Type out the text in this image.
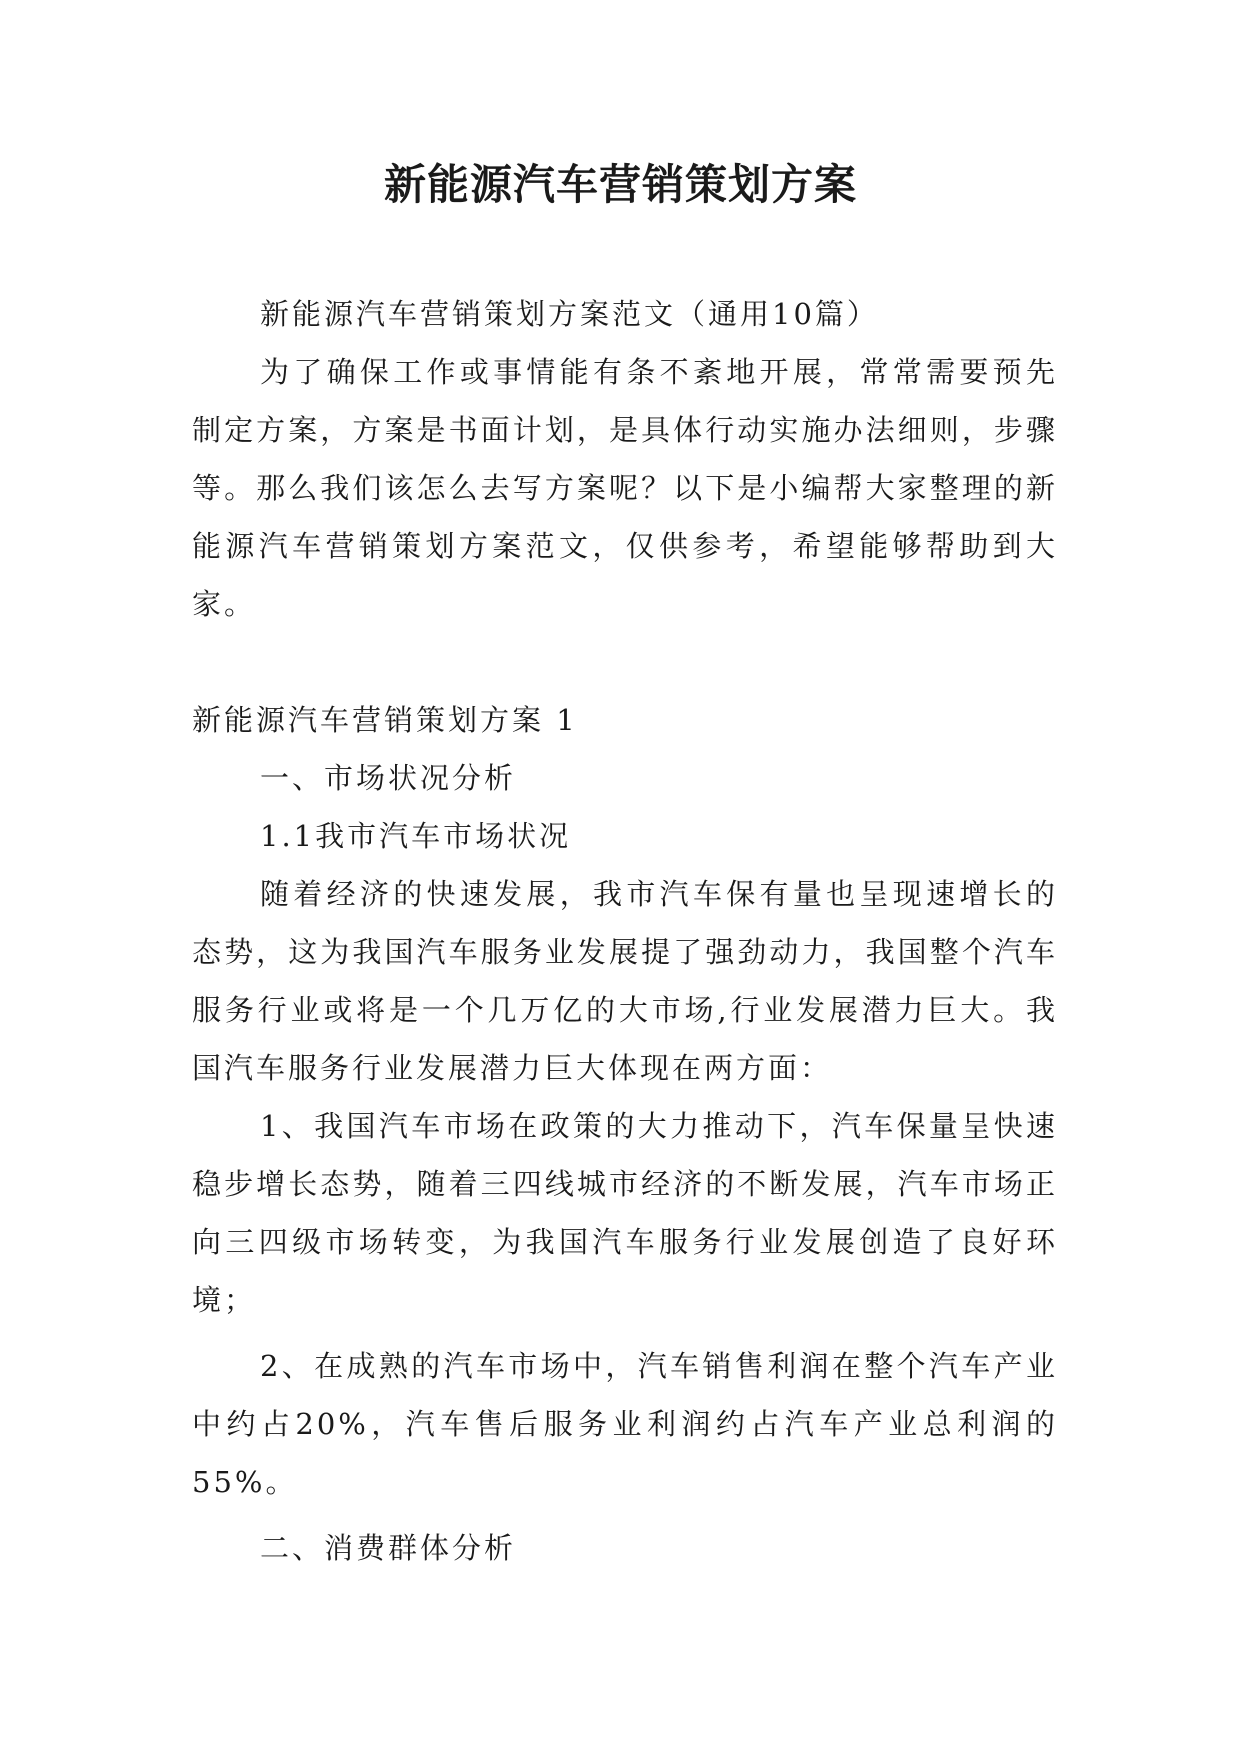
新能源汽车营销策划方案

新能源汽车营销策划方案范文（通用10篇）

为了确保工作或事情能有条不紊地开展，常常需要预先制定方案，方案是书面计划，是具体行动实施办法细则，步骤等。那么我们该怎么去写方案呢？以下是小编帮大家整理的新能源汽车营销策划方案范文，仅供参考，希望能够帮助到大家。

新能源汽车营销策划方案 1

一、市场状况分析

1.1我市汽车市场状况

随着经济的快速发展，我市汽车保有量也呈现速增长的态势，这为我国汽车服务业发展提了强劲动力，我国整个汽车服务行业或将是一个几万亿的大市场,行业发展潜力巨大。我国汽车服务行业发展潜力巨大体现在两方面：

1、我国汽车市场在政策的大力推动下，汽车保量呈快速稳步增长态势，随着三四线城市经济的不断发展，汽车市场正向三四级市场转变，为我国汽车服务行业发展创造了良好环境；

2、在成熟的汽车市场中，汽车销售利润在整个汽车产业中约占20%，汽车售后服务业利润约占汽车产业总利润的55%。

二、消费群体分析
